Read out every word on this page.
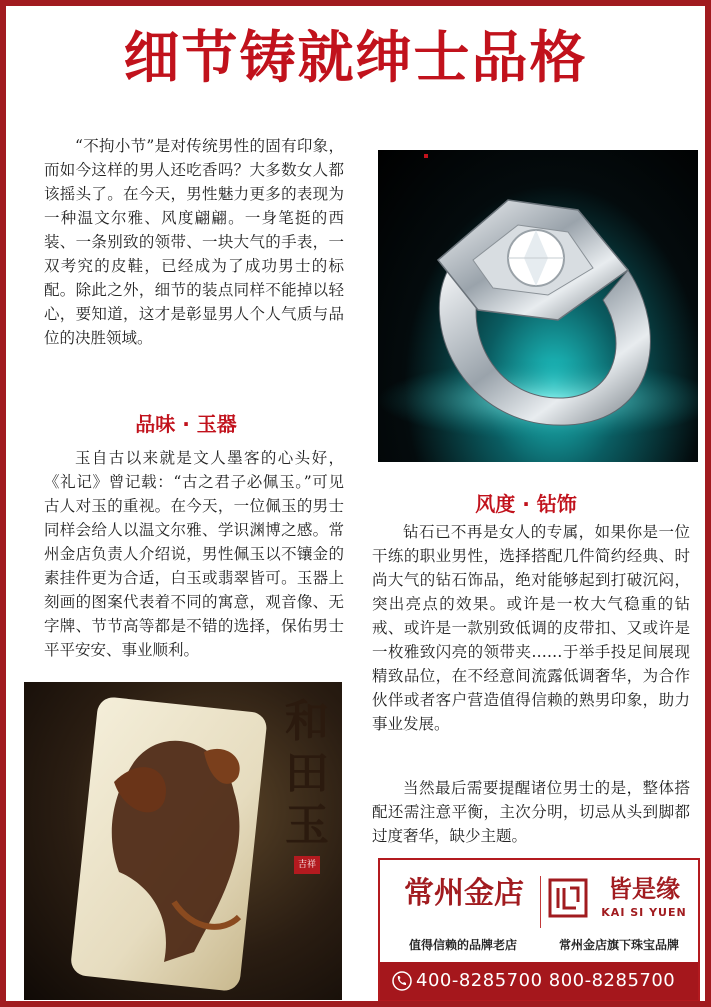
细节铸就绅士品格

“不拘小节”是对传统男性的固有印象，而如今这样的男人还吃香吗？大多数女人都该摇头了。在今天，男性魅力更多的表现为一种温文尔雅、风度翩翩。一身笔挺的西装、一条别致的领带、一块大气的手表，一双考究的皮鞋，已经成为了成功男士的标配。除此之外，细节的装点同样不能掉以轻心，要知道，这才是彰显男人个人气质与品位的决胜领域。

品味 · 玉器

玉自古以来就是文人墨客的心头好，《礼记》曾记载：“古之君子必佩玉。”可见古人对玉的重视。在今天，一位佩玉的男士同样会给人以温文尔雅、学识渊博之感。常州金店负责人介绍说，男性佩玉以不镶金的素挂件更为合适，白玉或翡翠皆可。玉器上刻画的图案代表着不同的寓意，观音像、无字牌、节节高等都是不错的选择，保佑男士平平安安、事业顺利。

风度 · 钻饰

钻石已不再是女人的专属，如果你是一位干练的职业男性，选择搭配几件简约经典、时尚大气的钻石饰品，绝对能够起到打破沉闷，突出亮点的效果。或许是一枚大气稳重的钻戒、或许是一款别致低调的皮带扣、又或许是一枚雅致闪亮的领带夹……于举手投足间展现精致品位，在不经意间流露低调奢华，为合作伙伴或者客户营造值得信赖的熟男印象，助力事业发展。

当然最后需要提醒诸位男士的是，整体搭配还需注意平衡，主次分明，切忌从头到脚都过度奢华，缺少主题。

和
田
玉
吉祥
常州金店	皆是缘
KAI SI YUEN
值得信赖的品牌老店	常州金店旗下珠宝品牌
400-8285700 800-8285700
